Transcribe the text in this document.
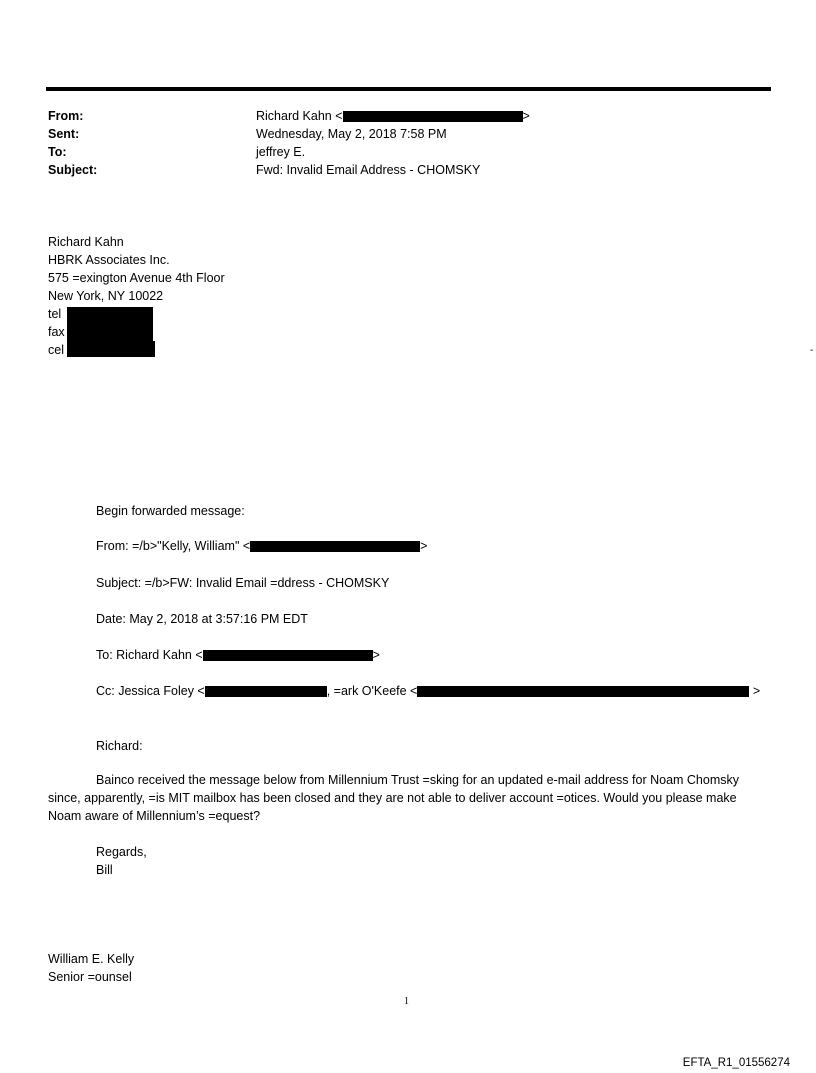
From:	Richard Kahn <	>
Sent:	Wednesday, May 2, 2018 7:58 PM
To:	jeffrey E.
Subject:	Fwd: Invalid Email Address - CHOMSKY
Richard Kahn
HBRK Associates Inc.
575 =exington Avenue 4th Floor
New York, NY 10022
tel
fax
cel	-
Begin forwarded message:
From: =/b>"Kelly, William" <	>
Subject: =/b>FW: Invalid Email =ddress - CHOMSKY
Date: May 2, 2018 at 3:57:16 PM EDT
To: Richard Kahn <	>
Cc: Jessica Foley <	, =ark O'Keefe <	>
Richard:
Bainco received the message below from Millennium Trust =sking for an updated e-mail address for Noam Chomsky since, apparently, =is MIT mailbox has been closed and they are not able to deliver account =otices. Would you please make Noam aware of Millennium’s =equest?
Regards,
Bill
William E. Kelly
Senior =ounsel
1
EFTA_R1_01556274
